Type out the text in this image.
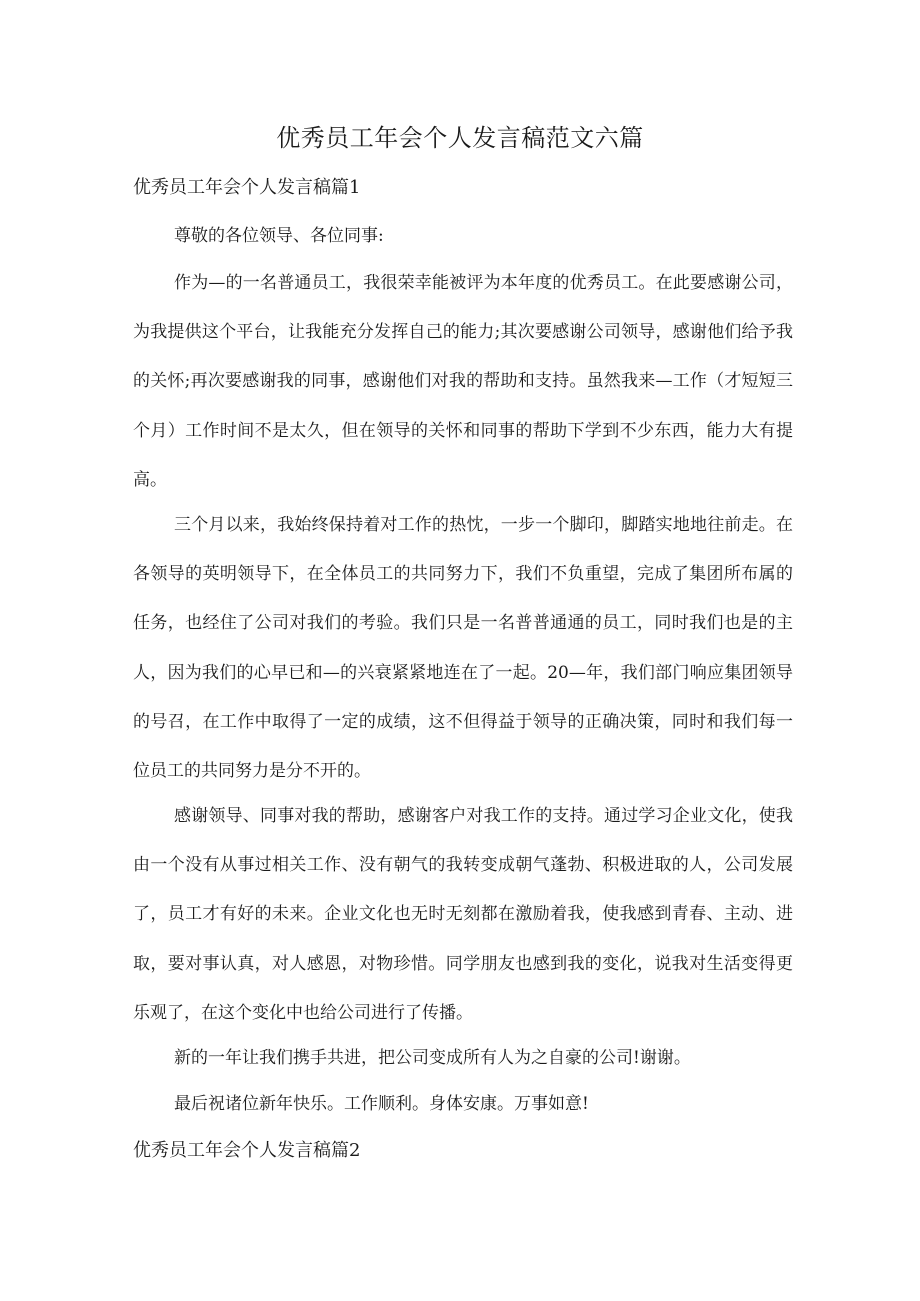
优秀员工年会个人发言稿范文六篇
优秀员工年会个人发言稿篇1

尊敬的各位领导、各位同事:

作为—的一名普通员工，我很荣幸能被评为本年度的优秀员工。在此要感谢公司，为我提供这个平台，让我能充分发挥自己的能力;其次要感谢公司领导，感谢他们给予我的关怀;再次要感谢我的同事，感谢他们对我的帮助和支持。虽然我来—工作（才短短三个月）工作时间不是太久，但在领导的关怀和同事的帮助下学到不少东西，能力大有提高。

三个月以来，我始终保持着对工作的热忱，一步一个脚印，脚踏实地地往前走。在各领导的英明领导下，在全体员工的共同努力下，我们不负重望，完成了集团所布属的任务，也经住了公司对我们的考验。我们只是一名普普通通的员工，同时我们也是的主人，因为我们的心早已和—的兴衰紧紧地连在了一起。20—年，我们部门响应集团领导的号召，在工作中取得了一定的成绩，这不但得益于领导的正确决策，同时和我们每一位员工的共同努力是分不开的。

感谢领导、同事对我的帮助，感谢客户对我工作的支持。通过学习企业文化，使我由一个没有从事过相关工作、没有朝气的我转变成朝气蓬勃、积极进取的人，公司发展了，员工才有好的未来。企业文化也无时无刻都在激励着我，使我感到青春、主动、进取，要对事认真，对人感恩，对物珍惜。同学朋友也感到我的变化，说我对生活变得更乐观了，在这个变化中也给公司进行了传播。

新的一年让我们携手共进，把公司变成所有人为之自豪的公司!谢谢。

最后祝诸位新年快乐。工作顺利。身体安康。万事如意!

优秀员工年会个人发言稿篇2
